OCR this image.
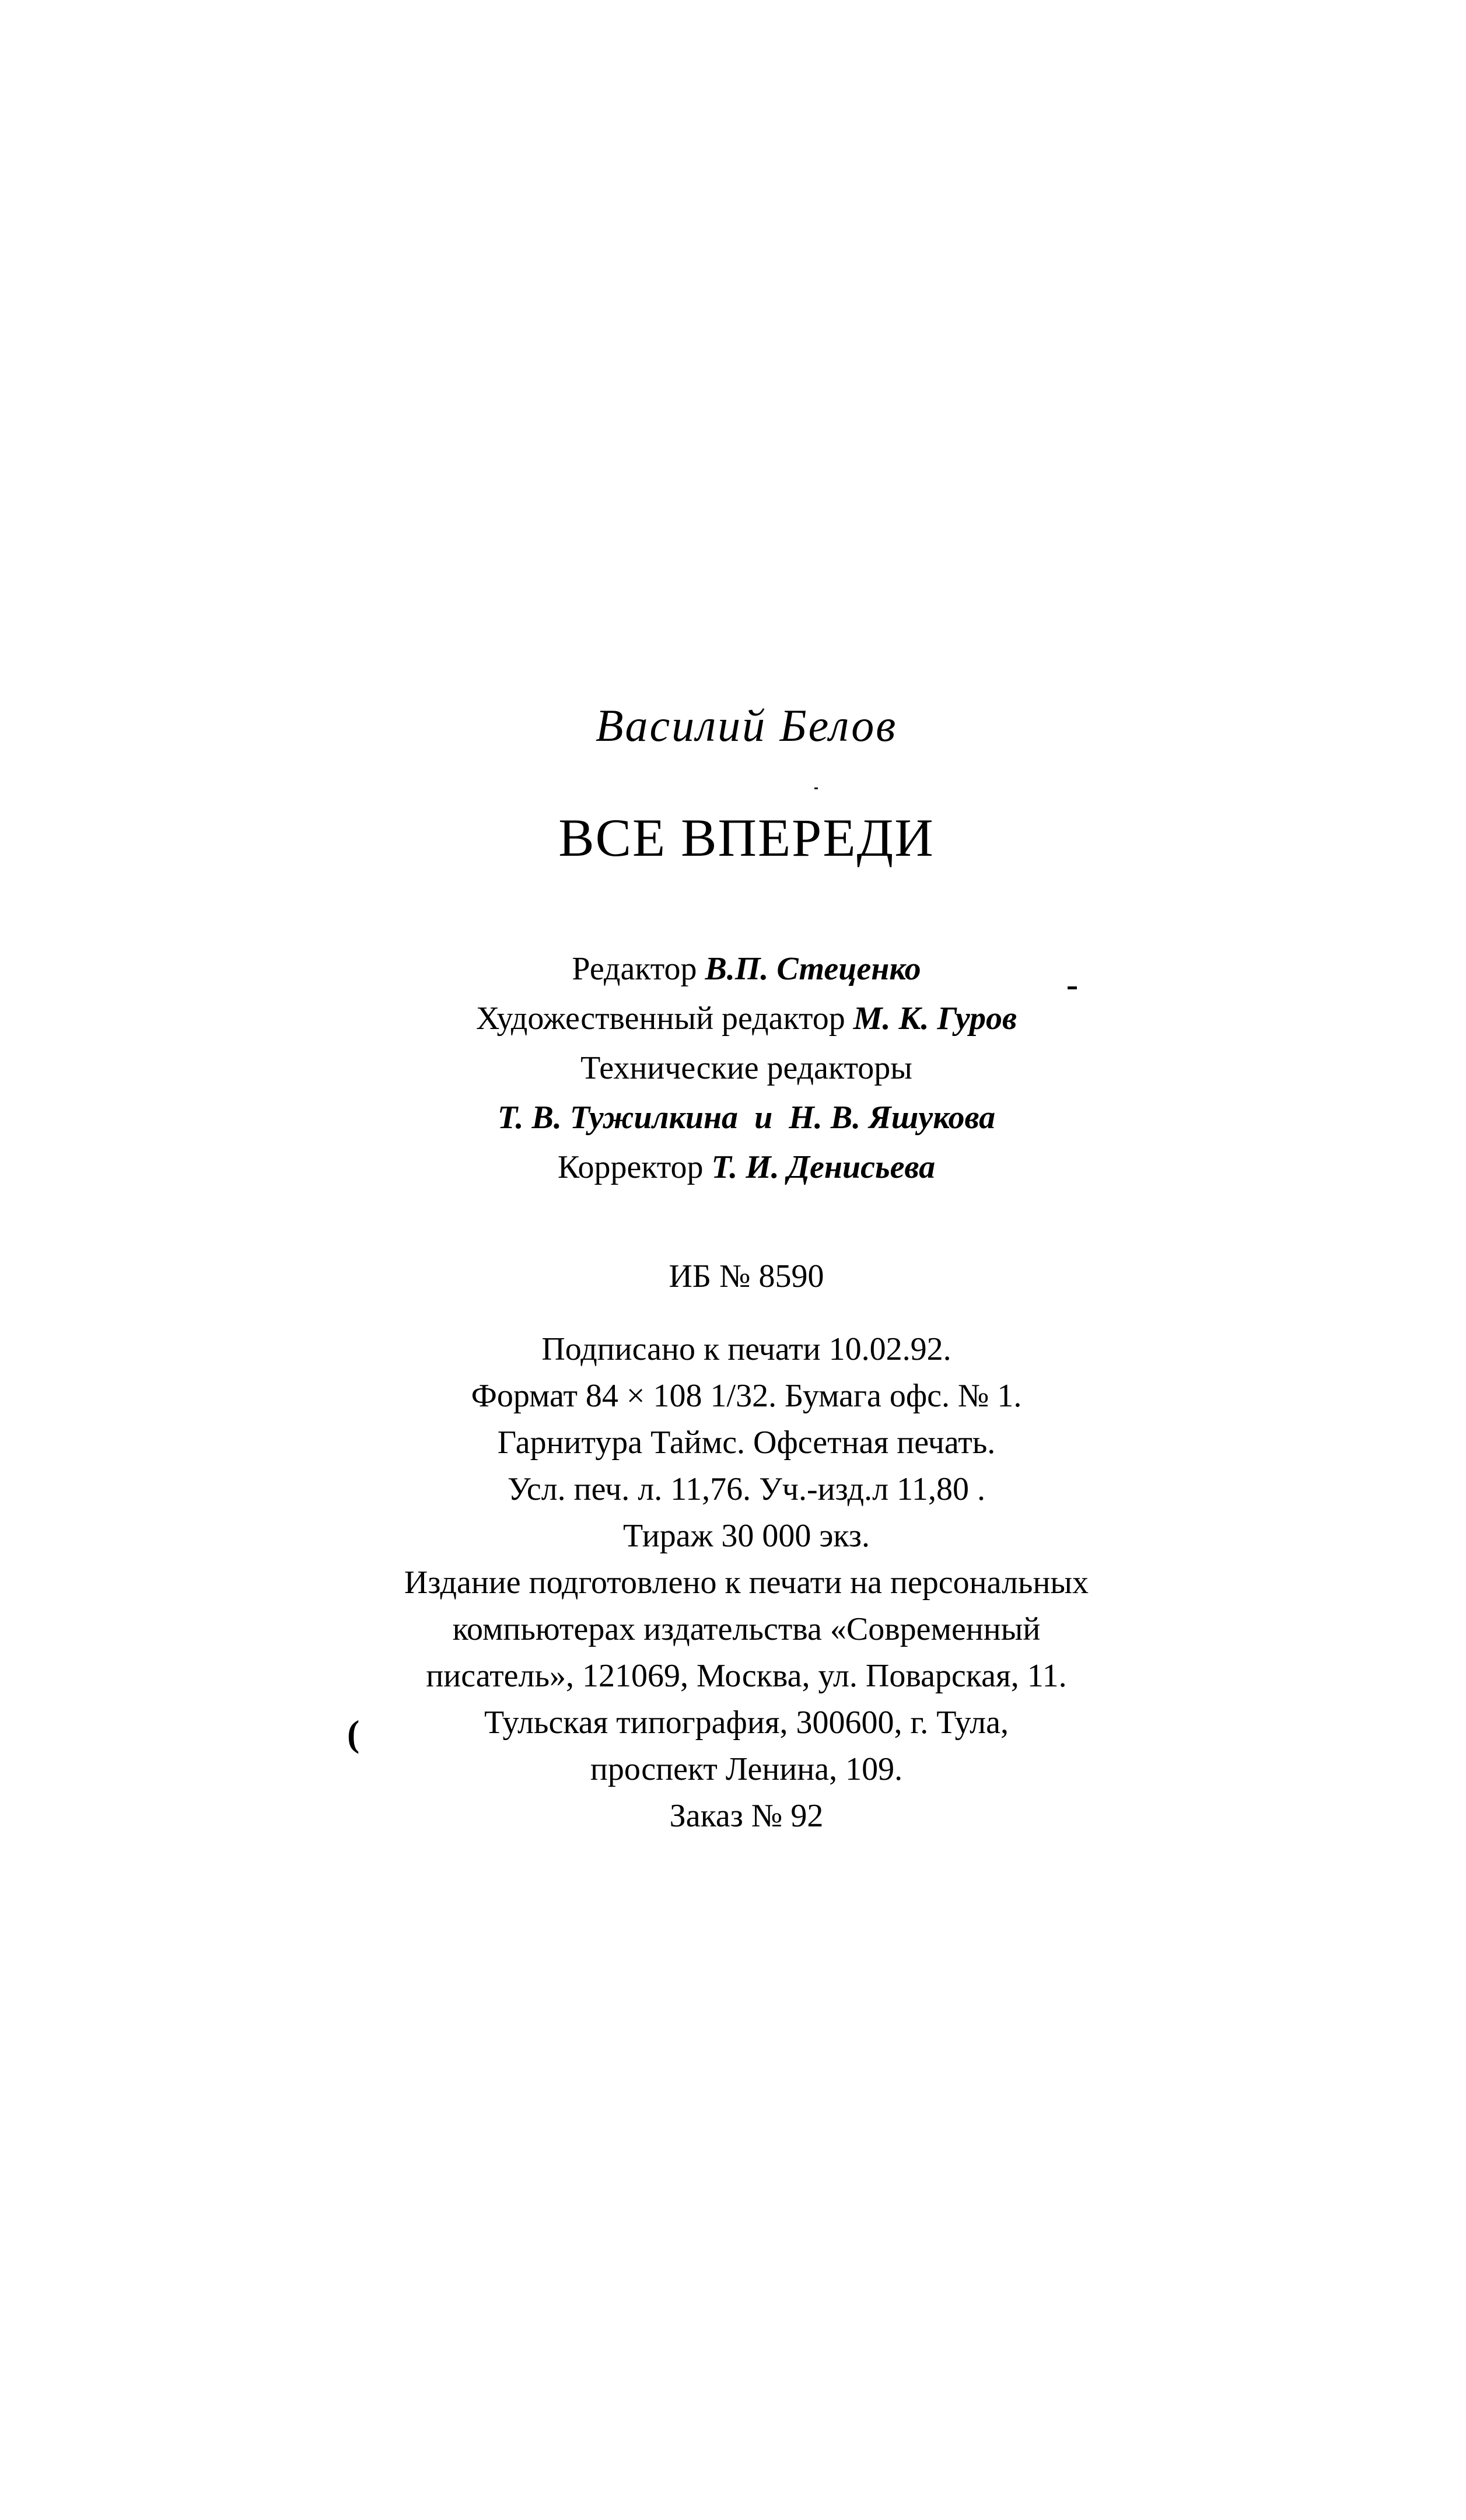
Василий Белов
ВСЕ ВПЕРЕДИ
Редактор В.П. Стеценко
Художественный редактор М. К. Гуров
Технические редакторы
Т. В. Тужилкина и Н. В. Яшукова
Корректор Т. И. Денисьева
ИБ № 8590
Подписано к печати 10.02.92.
Формат 84 × 108 1/32. Бумага офс. № 1.
Гарнитура Таймс. Офсетная печать.
Усл. печ. л. 11,76. Уч.-изд.л 11,80 .
Тираж 30 000 экз.
Издание подготовлено к печати на персональных
компьютерах издательства «Современный
писатель», 121069, Москва, ул. Поварская, 11.
Тульская типография, 300600, г. Тула,
проспект Ленина, 109.
Заказ № 92
(
